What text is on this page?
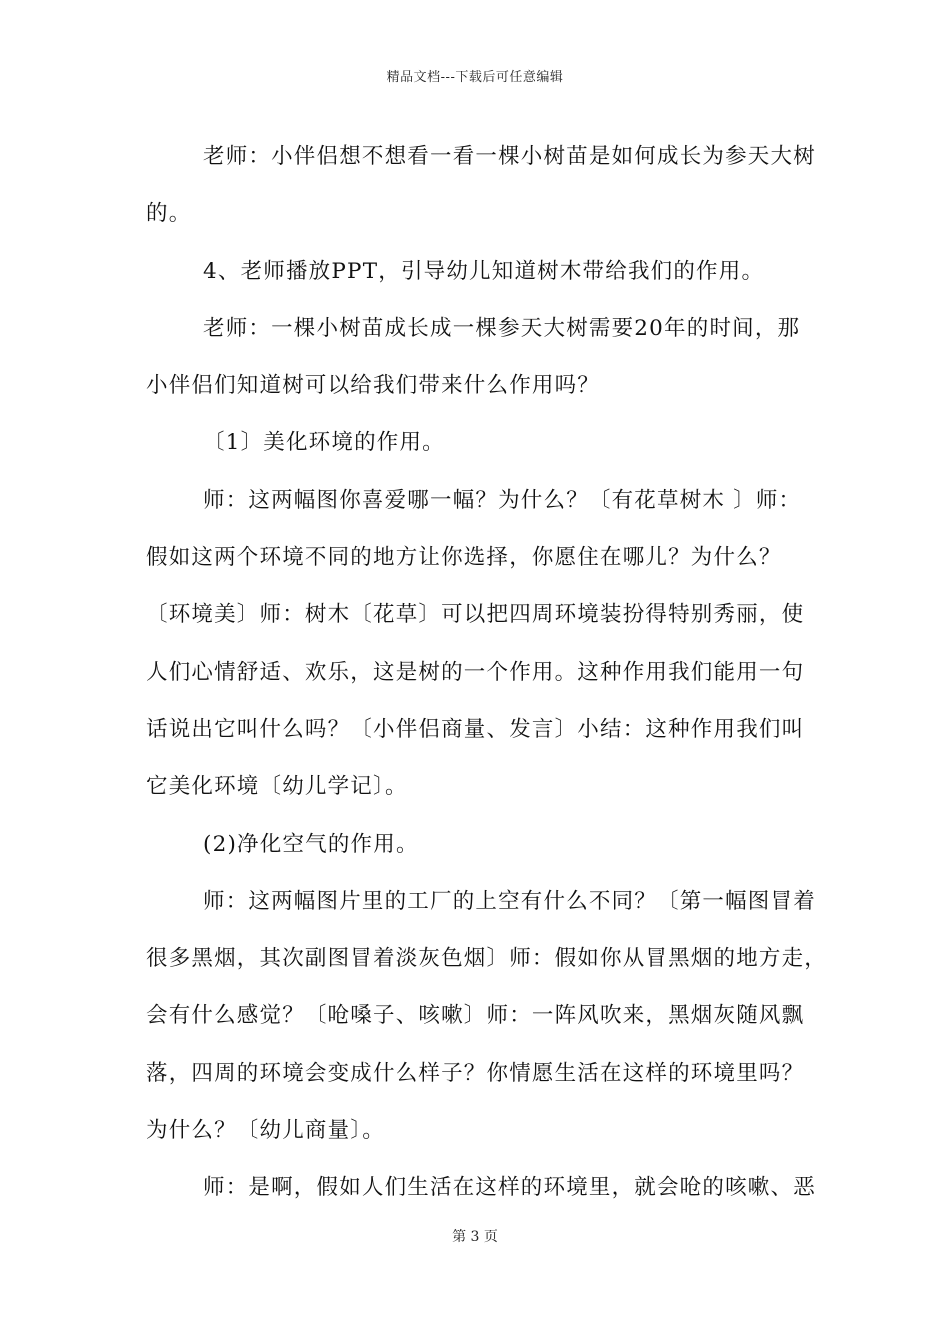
精品文档---下载后可任意编辑
老师：小伴侣想不想看一看一棵小树苗是如何成长为参天大树
的。
4、老师播放PPT，引导幼儿知道树木带给我们的作用。
老师：一棵小树苗成长成一棵参天大树需要20年的时间，那
小伴侣们知道树可以给我们带来什么作用吗？
〔1〕美化环境的作用。
师：这两幅图你喜爱哪一幅？为什么？〔有花草树木 〕师：
假如这两个环境不同的地方让你选择，你愿住在哪儿？为什么？
〔环境美〕师：树木〔花草〕可以把四周环境装扮得特别秀丽，使
人们心情舒适、欢乐，这是树的一个作用。这种作用我们能用一句
话说出它叫什么吗？〔小伴侣商量、发言〕小结：这种作用我们叫
它美化环境〔幼儿学记〕。
(2)净化空气的作用。
师：这两幅图片里的工厂的上空有什么不同？〔第一幅图冒着
很多黑烟，其次副图冒着淡灰色烟〕师：假如你从冒黑烟的地方走，
会有什么感觉？〔呛嗓子、咳嗽〕师：一阵风吹来，黑烟灰随风飘
落，四周的环境会变成什么样子？你情愿生活在这样的环境里吗？
为什么？〔幼儿商量〕。
师：是啊，假如人们生活在这样的环境里，就会呛的咳嗽、恶
第 3 页
